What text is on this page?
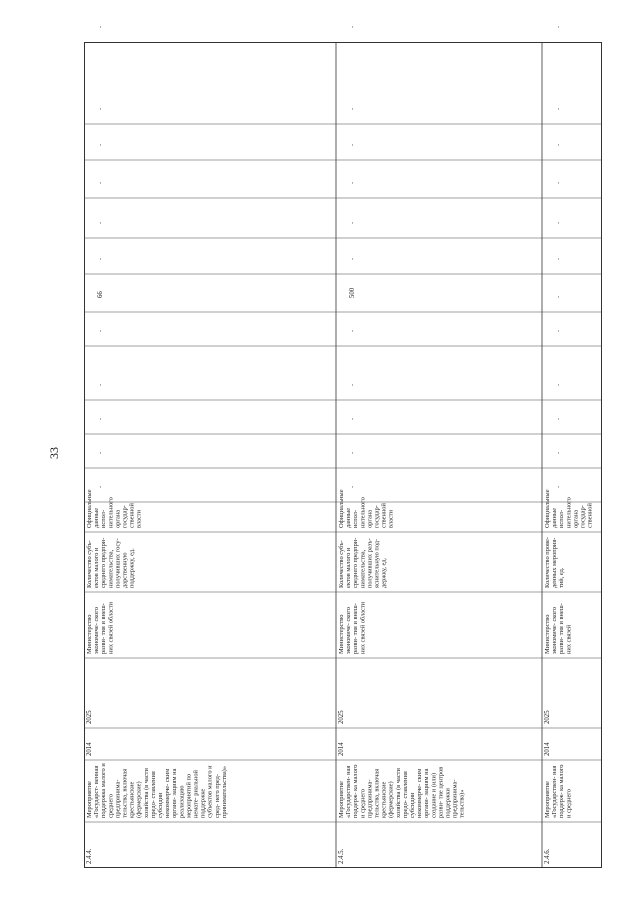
33
2.4.4.
Мероприятие «Государст- венная поддержка малого и среднего предпринима- тельства, включая крестьянские (фермерские) хозяйства (в части предо- ставления субсидии некоммерче- ским органи- зациям на реализацию мероприятий по немате- риальной поддержке субъектов малого и сред- него пред- принимательства)»
2014
2025
Министерство экономиче- ского разви- тия и внеш- них связей области
Количество субъ- ектов малого и среднего предпри- нимательства, получивших госу- дарственную поддержку, ед.
Официальные данные испол- нительного органа государ- ственной власти
-
-
-
-
-
66
-
-
-
-
-
-
2.4.5.
Мероприятие «Государствен- ная поддерж- ка малого и среднего предпринима- тельства, включая крестьянские (фермерские) хозяйства (в части предо- ставления субсидии некоммерче- ским органи- зациям на создание и (или) разви- тие центров поддержки предпринима- тельства)»
2014
2025
Министерство экономиче- ского разви- тия и внеш- них связей области
Количество субъ- ектов малого и среднего предпри- нимательства, получивших разъ- яснительную под- держку, ед.
Официальные данные испол- нительного органа государ- ственной власти
-
-
-
-
-
500
-
-
-
-
-
-
2.4.6.
Мероприятие «Государствен- ная поддерж- ка малого и среднего
2014
2025
Министерство экономиче- ского разви- тия и внеш- них связей
Количество прове- денных мероприя- тий, ед.
Официальные данные испол- нительного органа государ- ственной
-
-
-
-
-
-
-
-
-
-
-
-
